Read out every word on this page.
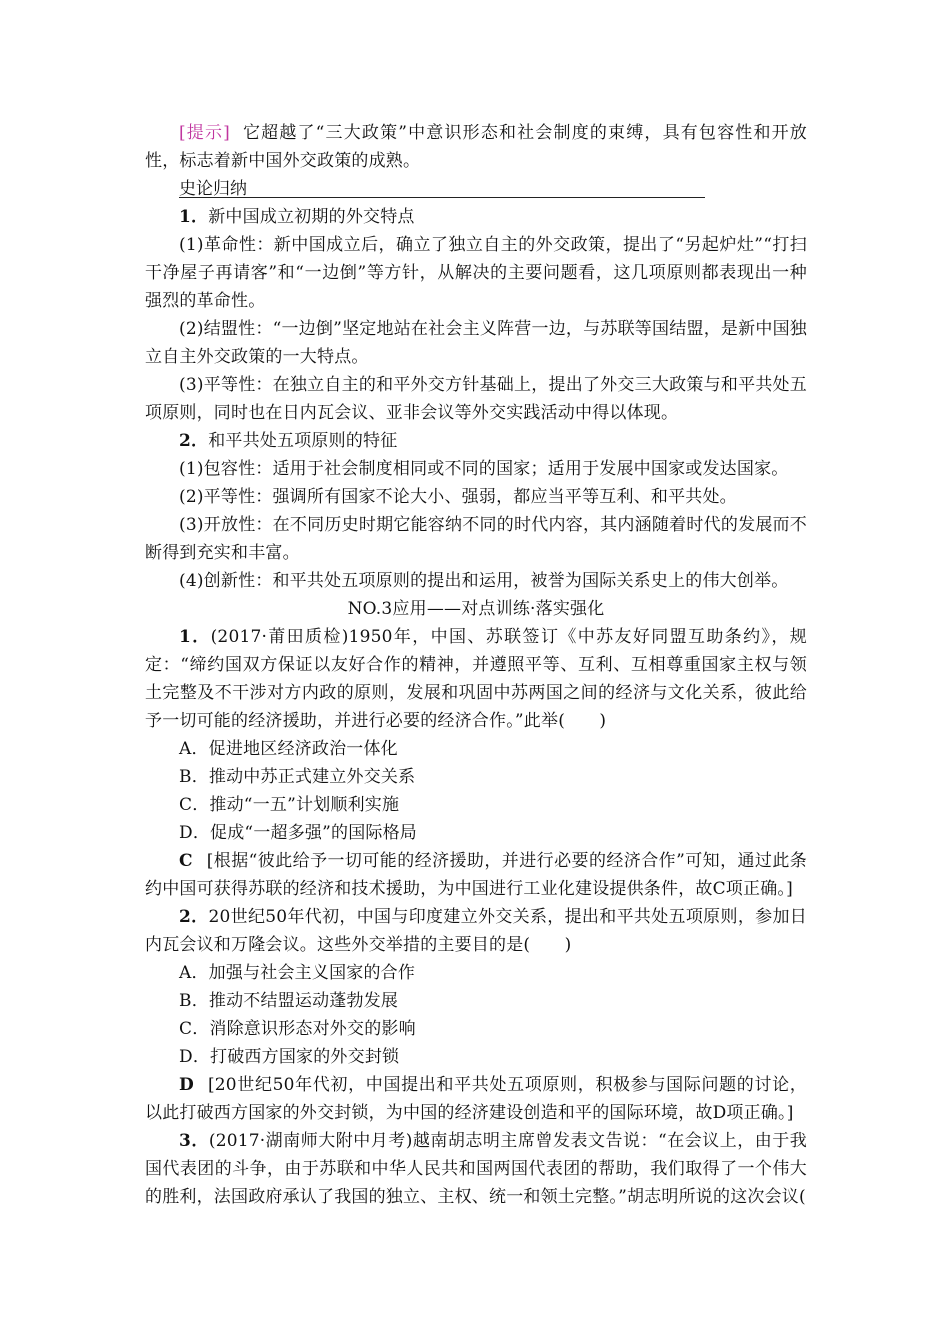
[提示] 它超越了“三大政策”中意识形态和社会制度的束缚，具有包容性和开放性，标志着新中国外交政策的成熟。

史论归纳

1．新中国成立初期的外交特点

(1)革命性：新中国成立后，确立了独立自主的外交政策，提出了“另起炉灶”“打扫干净屋子再请客”和“一边倒”等方针，从解决的主要问题看，这几项原则都表现出一种强烈的革命性。

(2)结盟性：“一边倒”坚定地站在社会主义阵营一边，与苏联等国结盟，是新中国独立自主外交政策的一大特点。

(3)平等性：在独立自主的和平外交方针基础上，提出了外交三大政策与和平共处五项原则，同时也在日内瓦会议、亚非会议等外交实践活动中得以体现。

2．和平共处五项原则的特征

(1)包容性：适用于社会制度相同或不同的国家；适用于发展中国家或发达国家。

(2)平等性：强调所有国家不论大小、强弱，都应当平等互利、和平共处。

(3)开放性：在不同历史时期它能容纳不同的时代内容，其内涵随着时代的发展而不断得到充实和丰富。

(4)创新性：和平共处五项原则的提出和运用，被誉为国际关系史上的伟大创举。

NO.3应用——对点训练·落实强化

1．(2017·莆田质检)1950年，中国、苏联签订《中苏友好同盟互助条约》，规定：“缔约国双方保证以友好合作的精神，并遵照平等、互利、互相尊重国家主权与领土完整及不干涉对方内政的原则，发展和巩固中苏两国之间的经济与文化关系，彼此给予一切可能的经济援助，并进行必要的经济合作。”此举(　　)

A．促进地区经济政治一体化

B．推动中苏正式建立外交关系

C．推动“一五”计划顺利实施

D．促成“一超多强”的国际格局

C [根据“彼此给予一切可能的经济援助，并进行必要的经济合作”可知，通过此条约中国可获得苏联的经济和技术援助，为中国进行工业化建设提供条件，故C项正确。]

2．20世纪50年代初，中国与印度建立外交关系，提出和平共处五项原则，参加日内瓦会议和万隆会议。这些外交举措的主要目的是(　　)

A．加强与社会主义国家的合作

B．推动不结盟运动蓬勃发展

C．消除意识形态对外交的影响

D．打破西方国家的外交封锁

D [20世纪50年代初，中国提出和平共处五项原则，积极参与国际问题的讨论，以此打破西方国家的外交封锁，为中国的经济建设创造和平的国际环境，故D项正确。]

3．(2017·湖南师大附中月考)越南胡志明主席曾发表文告说：“在会议上，由于我国代表团的斗争，由于苏联和中华人民共和国两国代表团的帮助，我们取得了一个伟大的胜利，法国政府承认了我国的独立、主权、统一和领土完整。”胡志明所说的这次会议(
